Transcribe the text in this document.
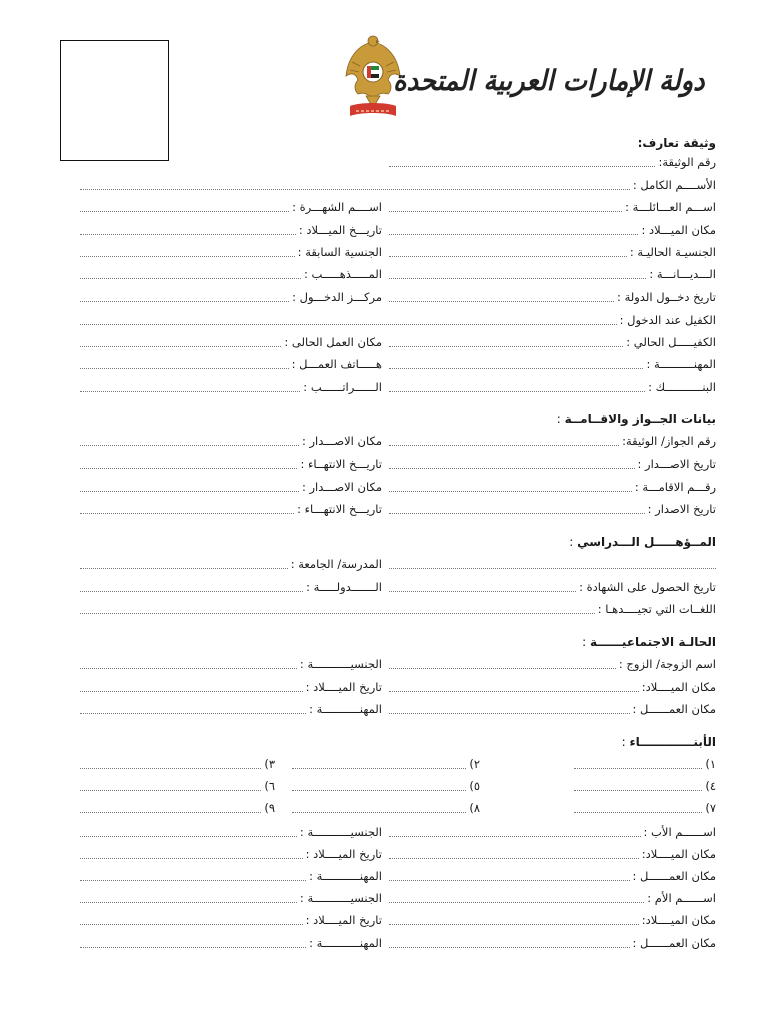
دولة الإمارات العربية المتحدة
وثيقة تعارف:
رقم الوثيقة:
الأســــم الكامل :
اســـم العـــائلـــة :
اســــم الشهـــرة :
مكان الميـــلاد :
تاريـــخ الميـــلاد :
الجنسيـة الحاليـة :
الجنسية السابقة :
الـــديـــانـــة :
المـــــذهـــــب :
تاريخ دخــول الدولة :
مركـــز الدخـــول :
الكفيل عند الدخول :
الكفيـــــل الحالي :
مكان العمل الحالى :
المهنــــــــــة :
هـــــاتف العمـــل :
البنـــــــــــك :
الــــــراتــــــب :
بيانات الجــواز والاقــامــة :
رقم الجواز/ الوثيقة:
مكان الاصـــدار :
تاريخ الاصـــدار :
تاريـــخ الانتهــاء :
رقـــم الاقامـــة :
مكان الاصـــدار :
تاريخ الاصدار :
تاريـــخ الانتهـــاء :
المــؤهـــــل الـــدراسي :
المدرسة/ الجامعة :
تاريخ الحصول على الشهادة :
الـــــــدولـــــة :
اللغــات التي تجيــــدهـا :
الحالـة الاجتماعيــــــة :
اسم الزوجة/ الزوج :
الجنسيـــــــــــة :
مكان الميــــلاد:
تاريخ الميــــلاد :
مكان العمــــــل :
المهنـــــــــــة :
الأبنـــــــــــــاء :
١)
٢)
٣)
٤)
٥)
٦)
٧)
٨)
٩)
اســــــم الأب :
الجنسيـــــــــــة :
مكان الميــــلاد:
تاريخ الميــــلاد :
مكان العمــــــل :
المهنـــــــــــة :
اســــــم الأم :
الجنسيـــــــــــة :
مكان الميــــلاد:
تاريخ الميــــلاد :
مكان العمــــــل :
المهنـــــــــــة :
